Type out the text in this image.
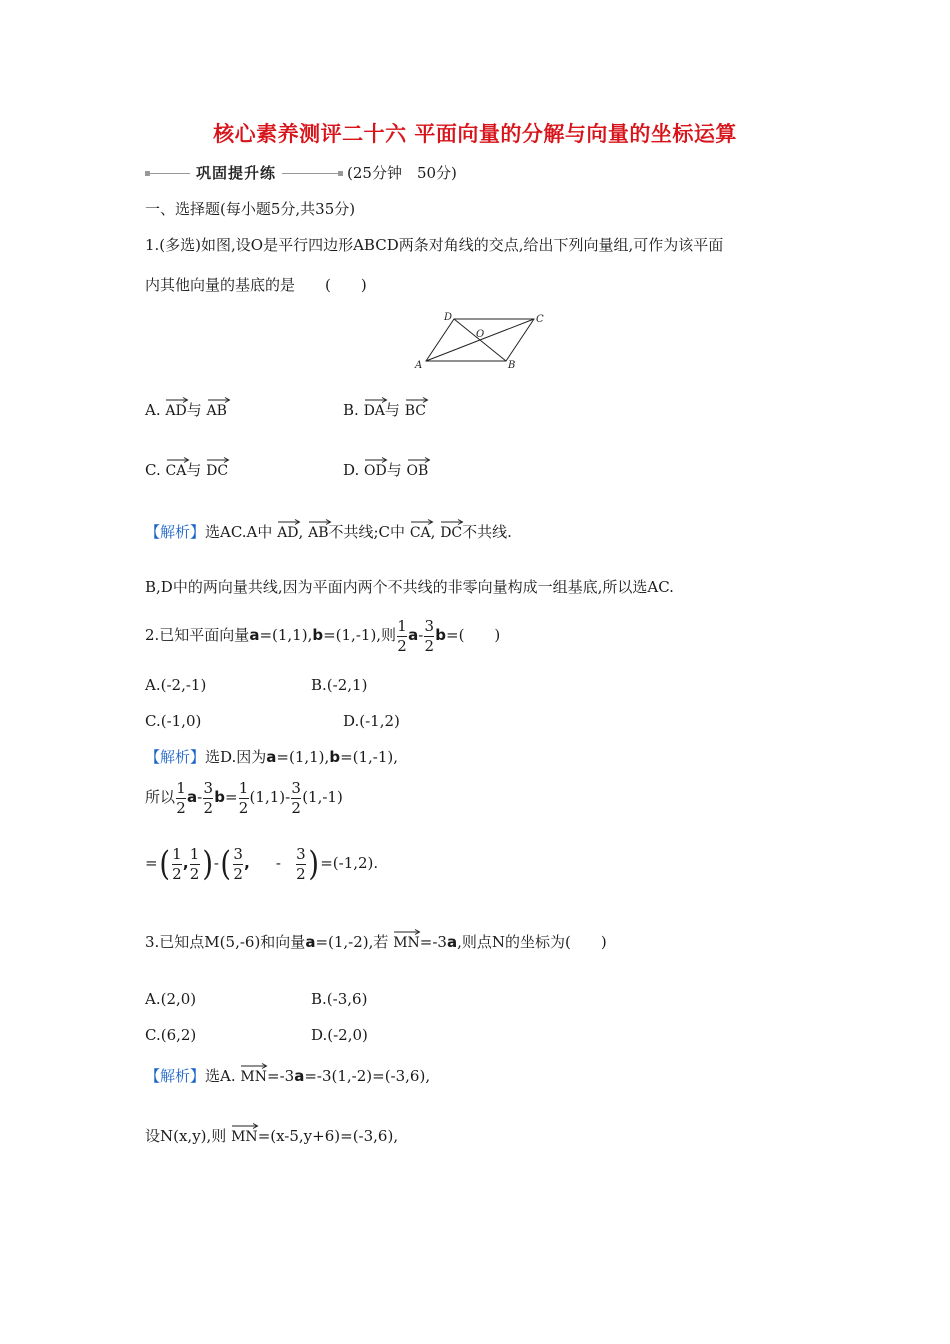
核心素养测评二十六 平面向量的分解与向量的坐标运算
巩固提升练	(25分钟　50分)
一、选择题(每小题5分,共35分)
1.(多选)如图,设O是平行四边形ABCD两条对角线的交点,给出下列向量组,可作为该平面
内其他向量的基底的是　　(　　)
D	C
O
A	B
A. AD与 AB	B. DA与 BC
C. CA与 DC	D. OD与 OB
【解析】选AC.A中 AD, AB不共线;C中 CA, DC不共线.
B,D中的两向量共线,因为平面内两个不共线的非零向量构成一组基底,所以选AC.
2.已知平面向量a=(1,1),b=(1,-1),则 $\frac{1}{2} a- \frac{3}{2} b=$(　　)
A.(-2,-1)	B.(-2,1)
C.(-1,0)	D.(-1,2)
【解析】选D.因为a=(1,1),b=(1,-1),
所以 $\frac{1}{2} a- \frac{3}{2} b= \frac{1}{2} (1,1)- \frac{3}{2} (1,-1)$
=( $\frac{1}{2}$ , $\frac{1}{2}$ )-( $\frac{3}{2}$ , - $\frac{3}{2} )=(-1,2)$.
3.已知点M(5,-6)和向量a=(1,-2),若 MN=-3a,则点N的坐标为(　　)
A.(2,0)	B.(-3,6)
C.(6,2)	D.(-2,0)
【解析】选A. MN=-3a=-3(1,-2)=(-3,6),
设N(x,y),则 MN=(x-5,y+6)=(-3,6),
